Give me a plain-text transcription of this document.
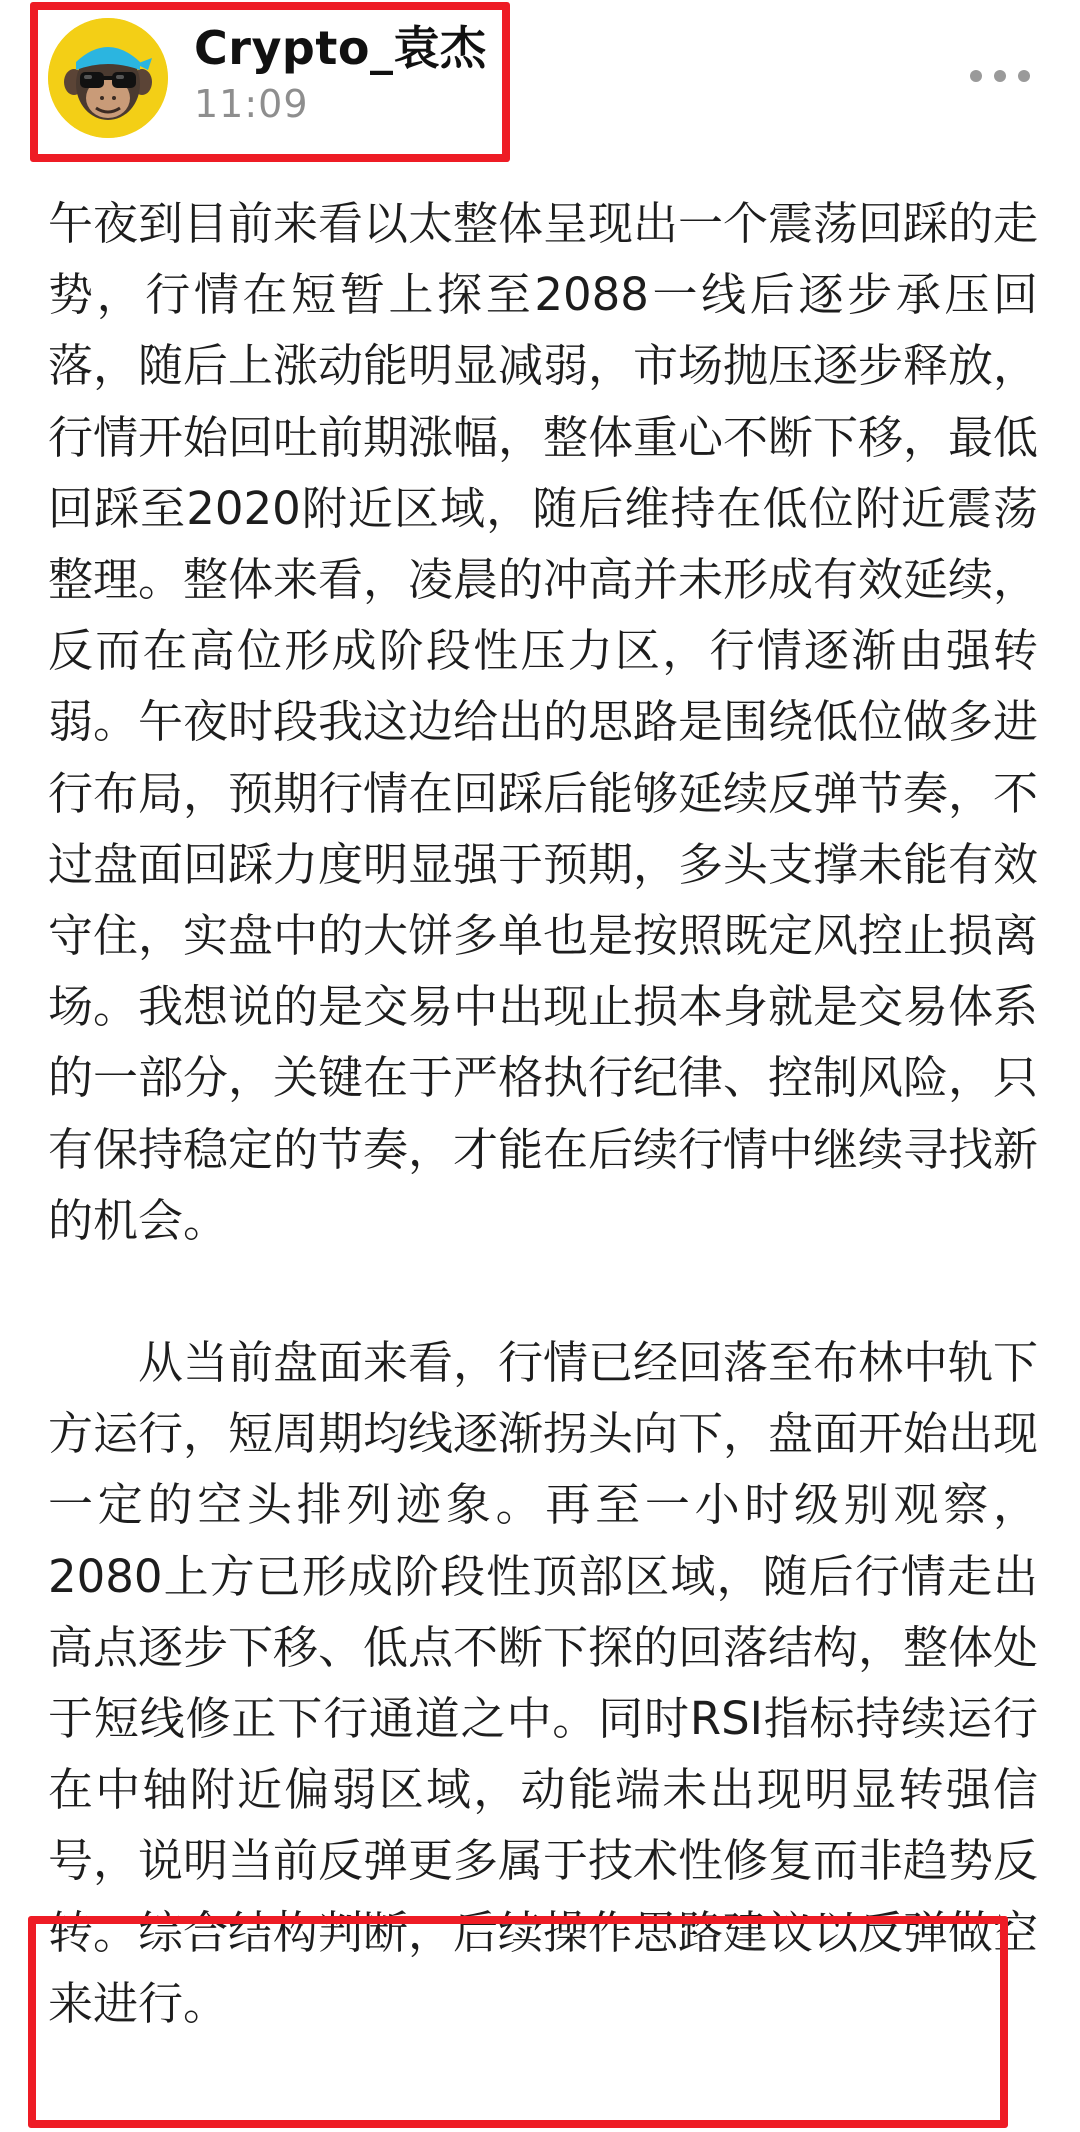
Crypto_袁杰
11:09

午夜到目前来看以太整体呈现出一个震荡回踩的走势，行情在短暂上探至2088一线后逐步承压回落，随后上涨动能明显减弱，市场抛压逐步释放，行情开始回吐前期涨幅，整体重心不断下移，最低回踩至2020附近区域，随后维持在低位附近震荡整理。整体来看，凌晨的冲高并未形成有效延续，反而在高位形成阶段性压力区，行情逐渐由强转弱。午夜时段我这边给出的思路是围绕低位做多进行布局，预期行情在回踩后能够延续反弹节奏，不过盘面回踩力度明显强于预期，多头支撑未能有效守住，实盘中的大饼多单也是按照既定风控止损离场。我想说的是交易中出现止损本身就是交易体系的一部分，关键在于严格执行纪律、控制风险，只有保持稳定的节奏，才能在后续行情中继续寻找新的机会。

从当前盘面来看，行情已经回落至布林中轨下方运行，短周期均线逐渐拐头向下，盘面开始出现一定的空头排列迹象。再至一小时级别观察，2080上方已形成阶段性顶部区域，随后行情走出高点逐步下移、低点不断下探的回落结构，整体处于短线修正下行通道之中。同时RSI指标持续运行在中轴附近偏弱区域，动能端未出现明显转强信号，说明当前反弹更多属于技术性修复而非趋势反转。综合结构判断，后续操作思路建议以反弹做空来进行。
